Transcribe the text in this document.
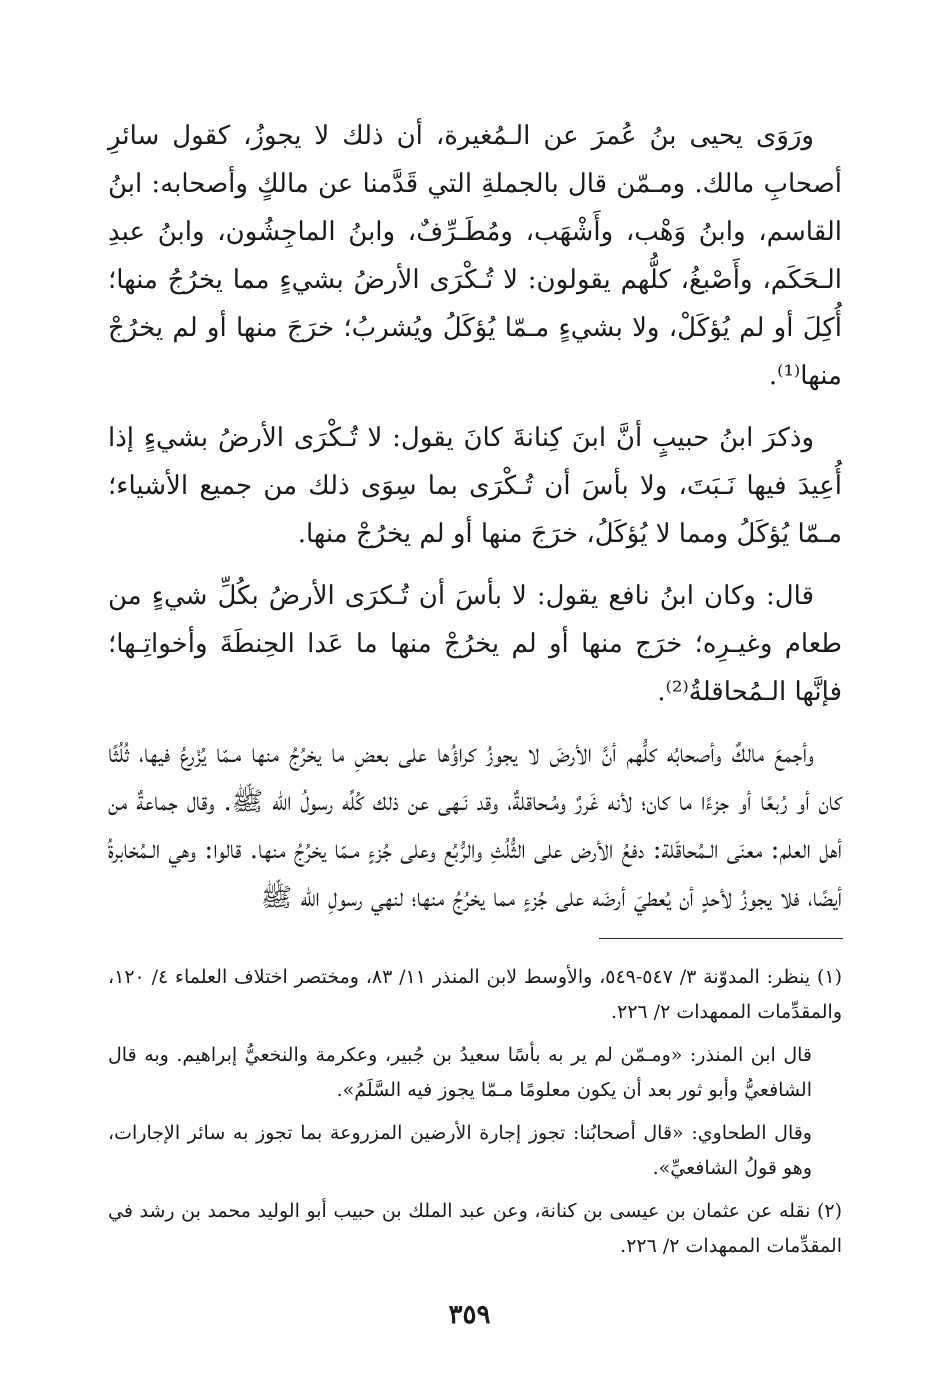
ورَوَى يحيى بنُ عُمرَ عن الـمُغيرة، أن ذلك لا يجوزُ، كقول سائرِ أصحابِ مالك. ومـمّن قال بالجملةِ التي قَدَّمنا عن مالكٍ وأصحابه: ابنُ القاسم، وابنُ وَهْب، وأَشْهَب، ومُطَـرِّفٌ، وابنُ الماجِشُون، وابنُ عبدِ الـحَكَم، وأَصْبغُ، كلُّهم يقولون: لا تُـكْرَى الأرضُ بشيءٍ مما يخرُجُ منها؛ أُكِلَ أو لم يُؤكَلْ، ولا بشيءٍ مـمّا يُؤكَلُ ويُشربُ؛ خرَجَ منها أو لم يخرُجْ منها⁽¹⁾.

وذكرَ ابنُ حبيبٍ أنَّ ابنَ كِنانةَ كانَ يقول: لا تُـكْرَى الأرضُ بشيءٍ إذا أُعِيدَ فيها نَـبَتَ، ولا بأسَ أن تُـكْرَى بما سِوَى ذلك من جميع الأشياء؛ مـمّا يُؤكَلُ ومما لا يُؤكَلُ، خرَجَ منها أو لم يخرُجْ منها.

قال: وكان ابنُ نافع يقول: لا بأسَ أن تُـكرَى الأرضُ بكُلِّ شيءٍ من طعام وغيـرِه؛ خرَج منها أو لم يخرُجْ منها ما عَدا الحِنطَةَ وأخواتِـها؛ فإنَّها الـمُحاقلةُ⁽²⁾.

وأجمعَ مالكٌ وأصحابُه كلُّهم أنَّ الأرضَ لا يجوزُ كراؤُها على بعضِ ما يخرُجُ منها مـمّا يُزْرعُ فيها، ثُلُثًا كان أو رُبعًا أو جزءًا ما كان؛ لأنه غَررٌ ومُـحاقلةٌ، وقد نَـهى عن ذلك كُلِّه رسولُ الله ﷺ. وقال جماعةٌ من أهل العلم: معنَى الـمُحاقَلة: دفعُ الأرض على الثُّلُثِ والرُّبُع وعلى جُزءٍ مـمّا يخرُجُ منها. قالوا: وهي الـمُخابرةُ أيضًا، فلا يجوزُ لأحدٍ أن يُعطيَ أرضَه على جُزءٍ مما يخرُجُ منها؛ لنهي رسولِ الله ﷺ

(١) ينظر: المدوّنة ٣/ ٥٤٧-٥٤٩، والأوسط لابن المنذر ١١/ ٨٣، ومختصر اختلاف العلماء ٤/ ١٢٠، والمقدِّمات الممهدات ٢/ ٢٢٦.

قال ابن المنذر: «ومـمّن لم ير به بأسًا سعيدُ بن جُبير، وعكرمة والنخعيُّ إبراهيم. وبه قال الشافعيُّ وأبو ثور بعد أن يكون معلومًا مـمّا يجوز فيه السَّلَمُ».

وقال الطحاوي: «قال أصحابُنا: تجوز إجارة الأرضين المزروعة بما تجوز به سائر الإجارات، وهو قولُ الشافعيِّ».

(٢) نقله عن عثمان بن عيسى بن كنانة، وعن عبد الملك بن حبيب أبو الوليد محمد بن رشد في المقدِّمات الممهدات ٢/ ٢٢٦.

٣٥٩
